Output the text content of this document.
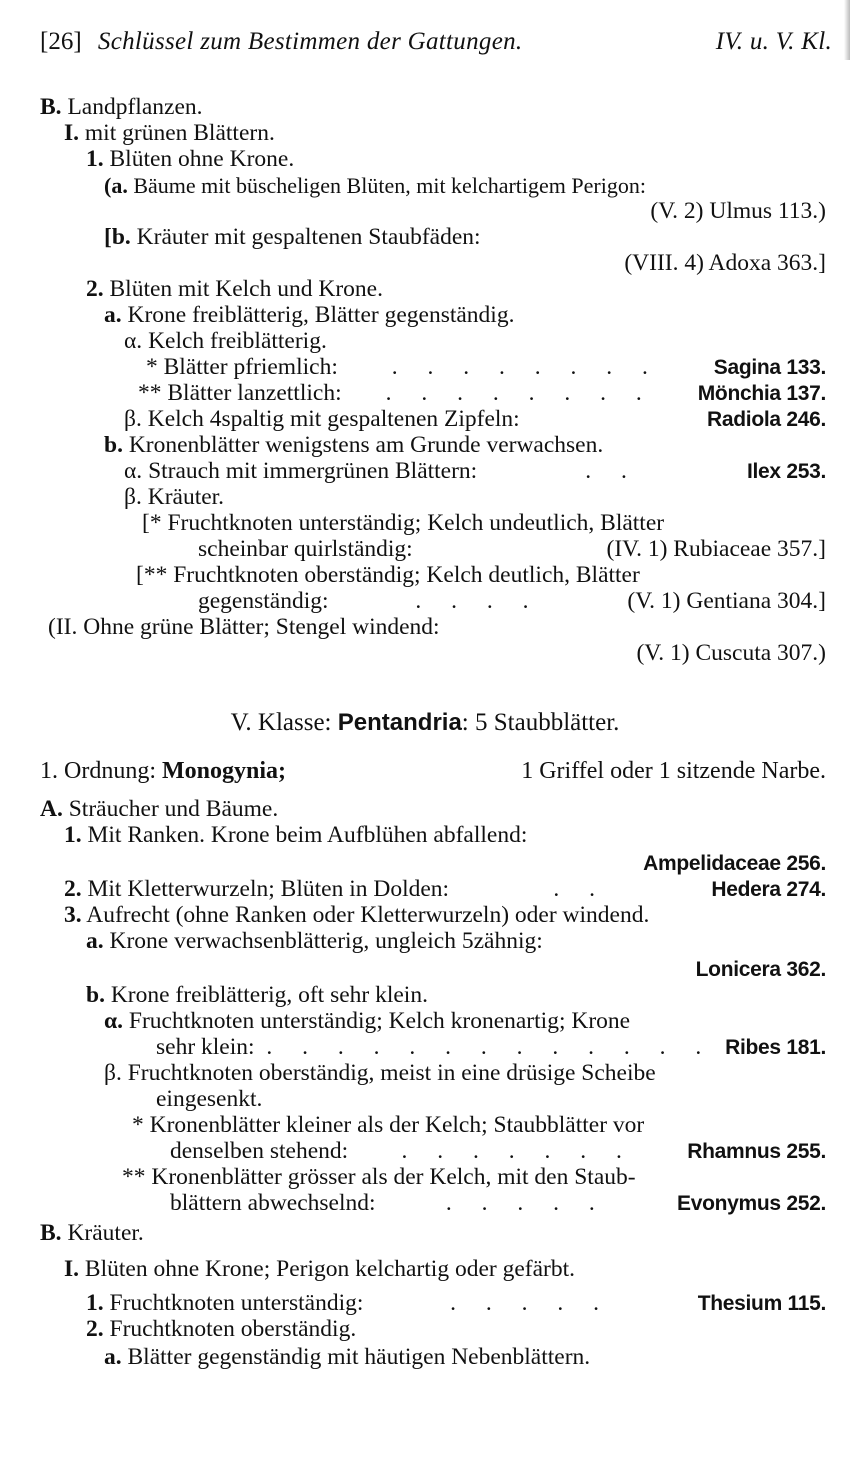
[26] Schlüssel zum Bestimmen der Gattungen.	IV. u. V. Kl.
B. Landpflanzen.
I. mit grünen Blättern.
1. Blüten ohne Krone.
(a. Bäume mit büscheligen Blüten, mit kelchartigem Perigon:
(V. 2) Ulmus 113.)
[b. Kräuter mit gespaltenen Staubfäden:
(VIII. 4) Adoxa 363.]
2. Blüten mit Kelch und Krone.
a. Krone freiblätterig, Blätter gegenständig.
α. Kelch freiblätterig.
*
Blätter pfriemlich:	. . . . . . . .	Sagina 133.
**
Blätter lanzettlich:	. . . . . . . .	Mönchia 137.
β.
Kelch 4spaltig mit gespaltenen Zipfeln:	Radiola 246.
b. Kronenblätter wenigstens am Grunde verwachsen.
α.
Strauch mit immergrünen Blättern:	. .	Ilex 253.
β. Kräuter.
[* Fruchtknoten unterständig; Kelch undeutlich, Blätter
scheinbar quirlständig:	(IV. 1) Rubiaceae 357.]
[** Fruchtknoten oberständig; Kelch deutlich, Blätter
gegenständig:	. . . .	(V. 1) Gentiana 304.]
(II. Ohne grüne Blätter; Stengel windend:
(V. 1) Cuscuta 307.)
V. Klasse: Pentandria: 5 Staubblätter.
1. Ordnung:
Monogynia;	1 Griffel oder 1 sitzende Narbe.
A. Sträucher und Bäume.
1. Mit Ranken. Krone beim Aufblühen abfallend:
Ampelidaceae 256.
2.
Mit Kletterwurzeln; Blüten in Dolden:	. .	Hedera 274.
3. Aufrecht (ohne Ranken oder Kletterwurzeln) oder windend.
a. Krone verwachsenblätterig, ungleich 5zähnig:
Lonicera 362.
b. Krone freiblätterig, oft sehr klein.
α. Fruchtknoten unterständig; Kelch kronenartig; Krone
sehr klein: . . . . . . . . . . . . . Ribes 181.
β. Fruchtknoten oberständig, meist in eine drüsige Scheibe
eingesenkt.
* Kronenblätter kleiner als der Kelch; Staubblätter vor
denselben stehend:	. . . . . . .	Rhamnus 255.
** Kronenblätter grösser als der Kelch, mit den Staub-
blättern abwechselnd:	. . . . .	Evonymus 252.
B. Kräuter.
I. Blüten ohne Krone; Perigon kelchartig oder gefärbt.
1.
Fruchtknoten unterständig:	. . . . .	Thesium 115.
2. Fruchtknoten oberständig.
a. Blätter gegenständig mit häutigen Nebenblättern.
